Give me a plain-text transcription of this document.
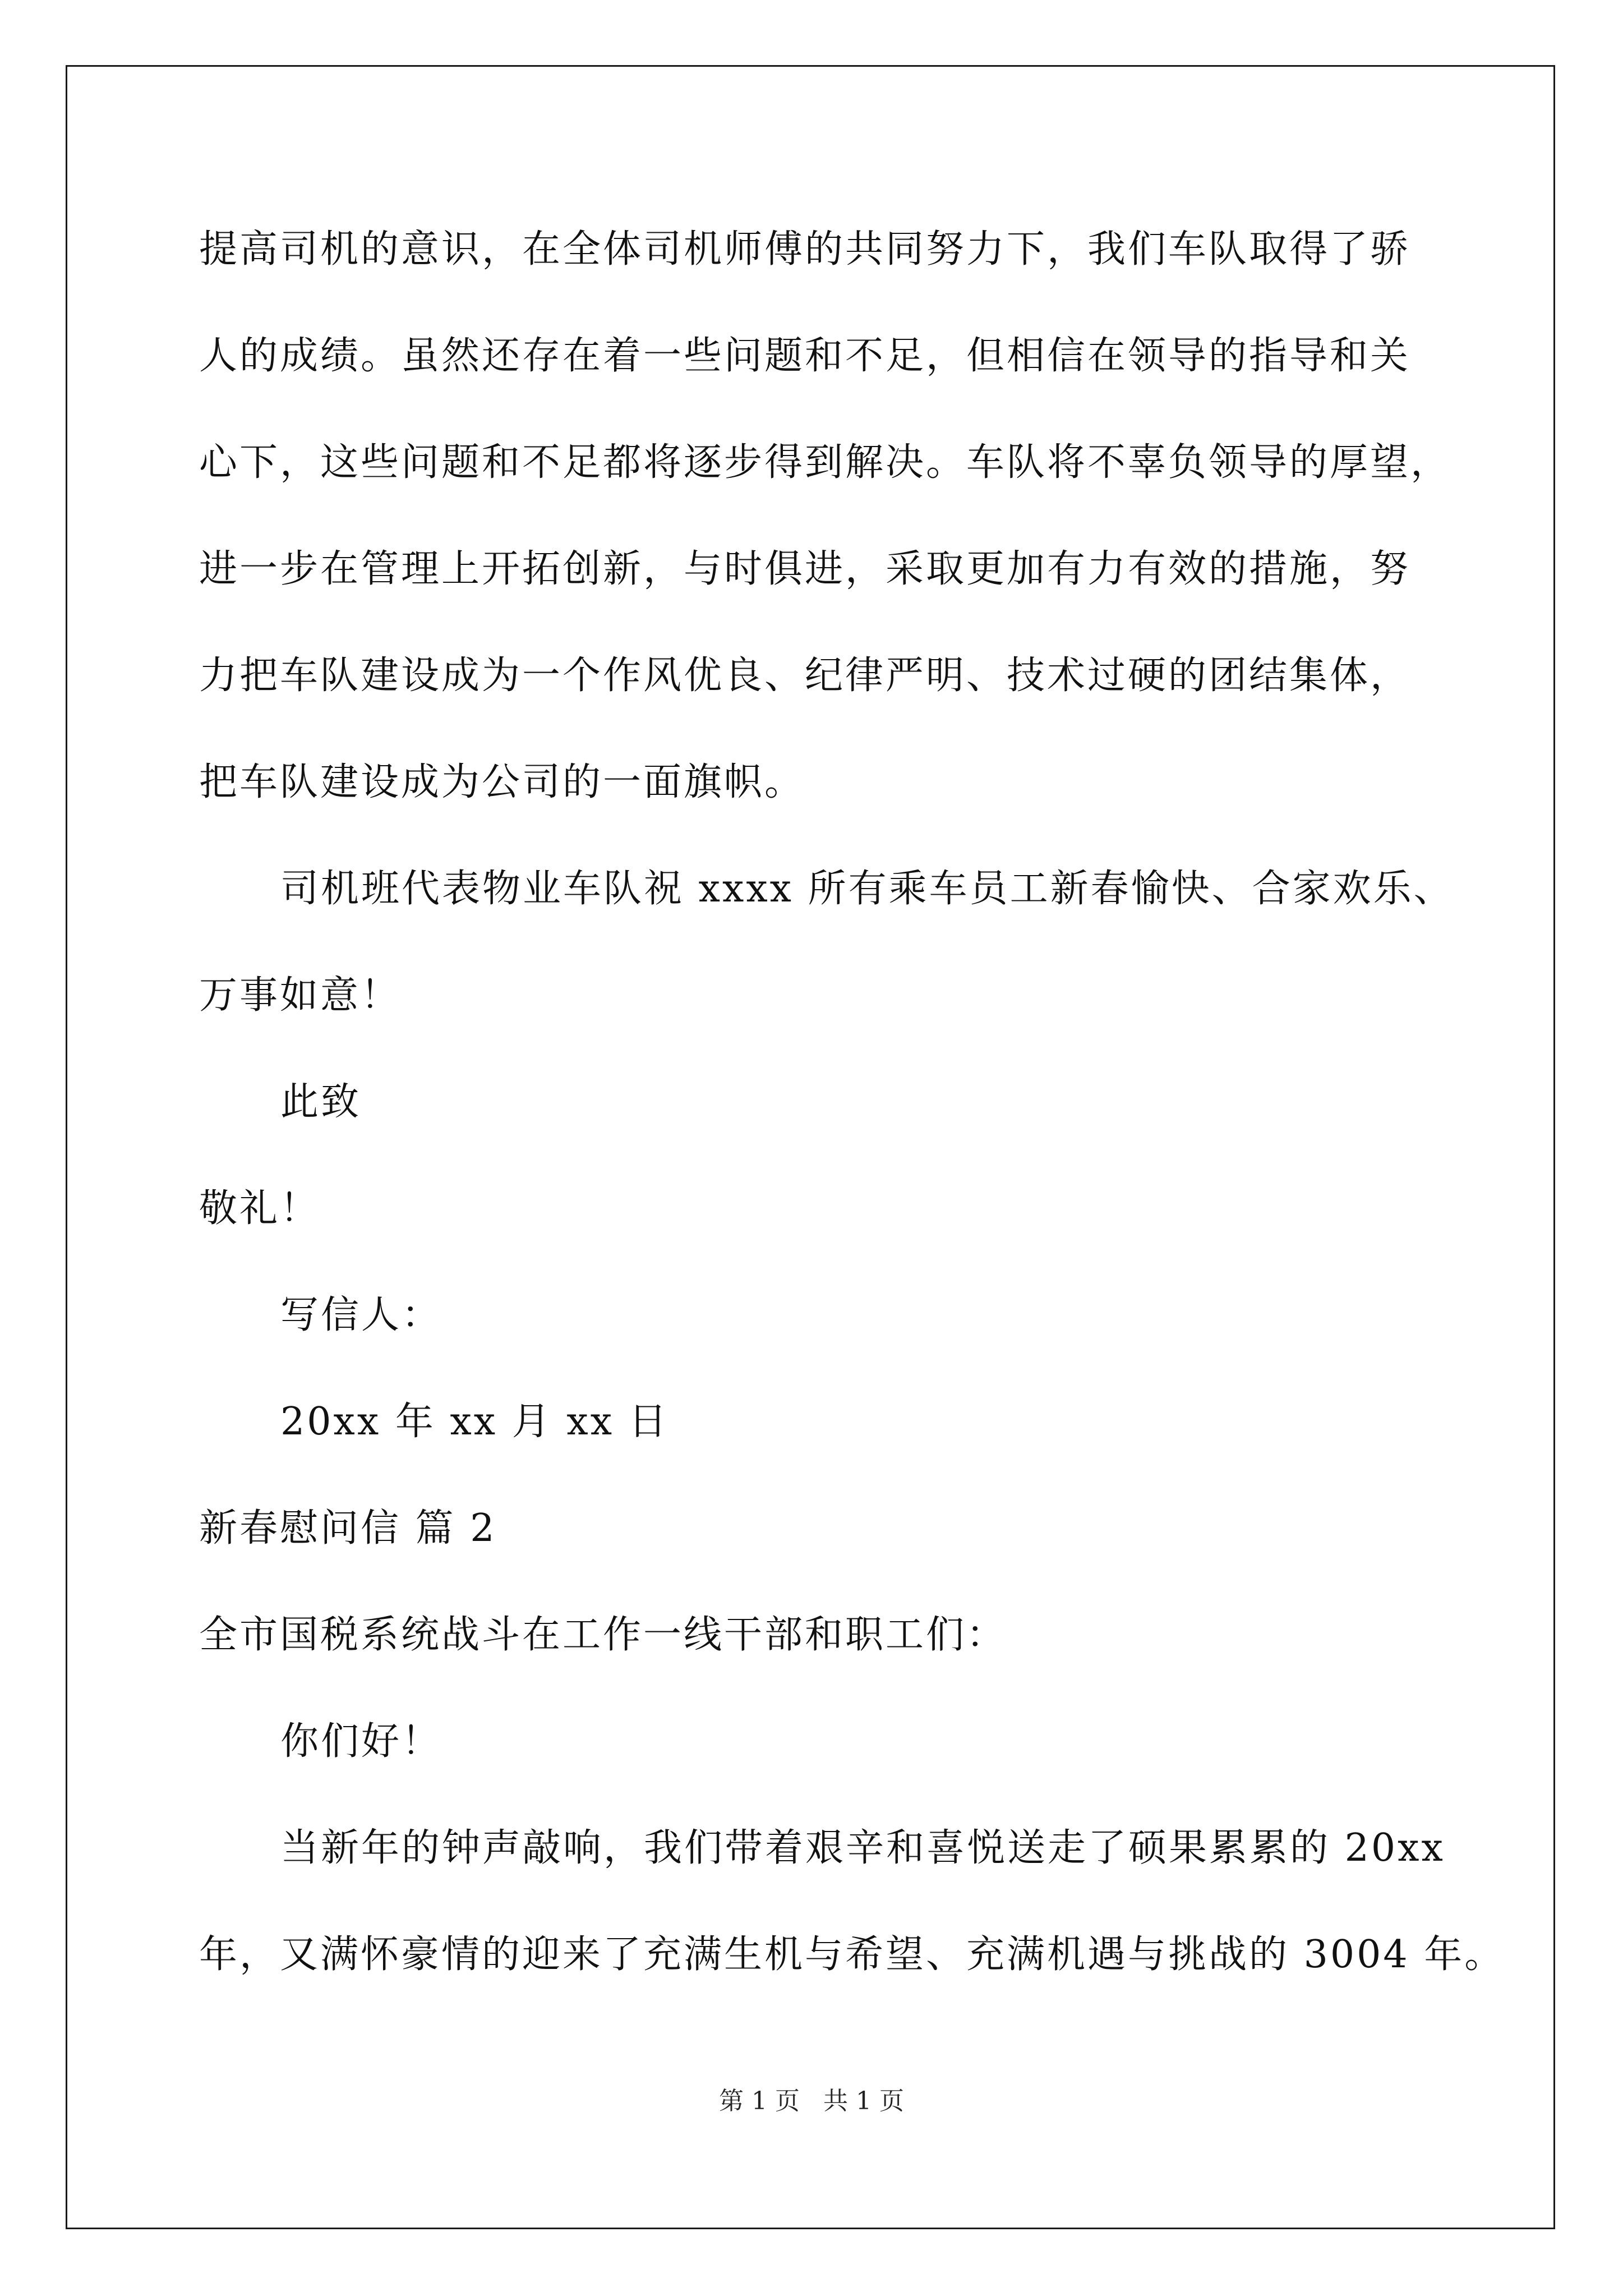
提高司机的意识，在全体司机师傅的共同努力下，我们车队取得了骄
人的成绩。虽然还存在着一些问题和不足，但相信在领导的指导和关
心下，这些问题和不足都将逐步得到解决。车队将不辜负领导的厚望，
进一步在管理上开拓创新，与时俱进，采取更加有力有效的措施，努
力把车队建设成为一个作风优良、纪律严明、技术过硬的团结集体，
把车队建设成为公司的一面旗帜。
司机班代表物业车队祝 xxxx 所有乘车员工新春愉快、合家欢乐、
万事如意！
此致
敬礼！
写信人：
20xx 年 xx 月 xx 日
新春慰问信 篇 2
全市国税系统战斗在工作一线干部和职工们：
你们好！
当新年的钟声敲响，我们带着艰辛和喜悦送走了硕果累累的 20xx
年，又满怀豪情的迎来了充满生机与希望、充满机遇与挑战的 3004 年。
第 1 页   共 1 页
